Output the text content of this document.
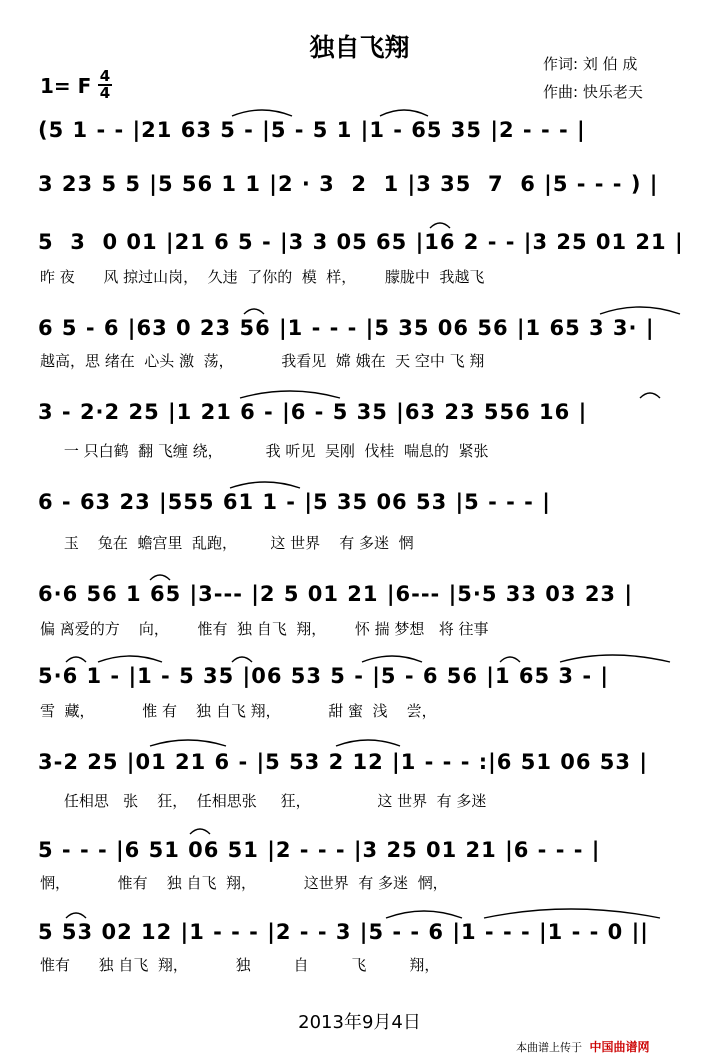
独自飞翔
作词: 刘 伯 成
作曲: 快乐老天
1= F 4
4
(5 1 - - |21 63 5 - |5 - 5 1 |1 - 65 35 |2 - - - |
3 23 5 5 |5 56 1 1 |2 · 3  2  1 |3 35  7  6 |5 - - - ) |
5  3  0 01 |21 6 5 - |3 3 05 65 |16 2 - - |3 25 01 21 |
昨 夜      风 掠过山岗，  久违  了你的  模  样，      朦胧中  我越飞
6 5 - 6 |63 0 23 56 |1 - - - |5 35 06 56 |1 65 3 3· |
越高，思 绪在  心头 激  荡，          我看见  嫦 娥在  天 空中 飞 翔
3 - 2·2 25 |1 21 6 - |6 - 5 35 |63 23 556 16 |
一 只白鹤  翻 飞缠 绕，         我 听见  吴刚  伐桂  喘息的  紧张
6 - 63 23 |555 61 1 - |5 35 06 53 |5 - - - |
玉    兔在  蟾宫里  乱跑，       这 世界    有 多迷  惘
6·6 56 1 65 |3--- |2 5 01 21 |6--- |5·5 33 03 23 |
偏 离爱的方    向，      惟有  独 自飞  翔，      怀 揣 梦想   将 往事
5·6 1 - |1 - 5 35 |06 53 5 - |5 - 6 56 |1 65 3 - |
雪  藏，          惟 有    独 自飞 翔，          甜 蜜  浅    尝，
3-2 25 |01 21 6 - |5 53 2 12 |1 - - - :|6 51 06 53 |
任相思   张    狂，  任相思张     狂，              这 世界  有 多迷
5 - - - |6 51 06 51 |2 - - - |3 25 01 21 |6 - - - |
惘，          惟有    独 自飞  翔，          这世界  有 多迷  惘，
5 53 02 12 |1 - - - |2 - - 3 |5 - - 6 |1 - - - |1 - - 0 ||
惟有      独 自飞  翔，          独         自         飞         翔，
2013年9月4日
本曲谱上传于 中国曲谱网
